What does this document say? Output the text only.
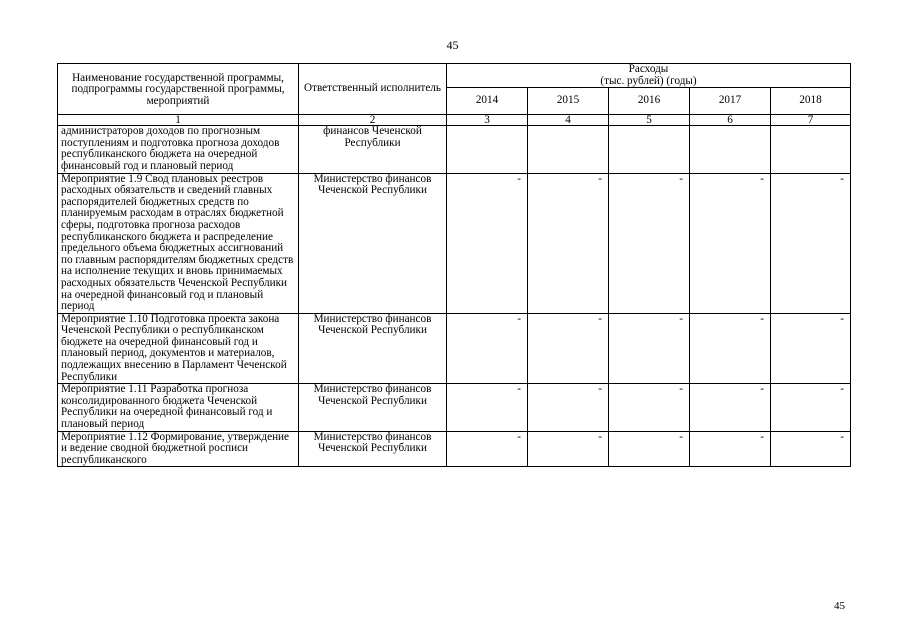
45
Наименование государственной программы, подпрограммы государственной программы, мероприятий	Ответственный исполнитель	Расходы
(тыс. рублей) (годы)				

		2014	2015	2016	2017	2018
1	2	3	4	5	6	7
администраторов доходов по прогнозным поступлениям и подготовка прогноза доходов республиканского бюджета на очередной финансовый год и плановый период	финансов Чеченской Республики					
Мероприятие 1.9 Свод плановых реестров расходных обязательств и сведений главных распорядителей бюджетных средств по планируемым расходам в отраслях бюджетной сферы, подготовка прогноза расходов республиканского бюджета и распределение предельного объема бюджетных ассигнований по главным распорядителям бюджетных средств на исполнение текущих и вновь принимаемых расходных обязательств Чеченской Республики на очередной финансовый год и плановый период	Министерство финансов Чеченской Республики	-	-	-	-	-
Мероприятие 1.10 Подготовка проекта закона Чеченской Республики о республиканском бюджете на очередной финансовый год и плановый период, документов и материалов, подлежащих внесению в Парламент Чеченской Республики	Министерство финансов Чеченской Республики	-	-	-	-	-
Мероприятие 1.11 Разработка прогноза консолидированного бюджета Чеченской Республики на очередной финансовый год и плановый период	Министерство финансов Чеченской Республики	-	-	-	-	-
Мероприятие 1.12 Формирование, утверждение и ведение сводной бюджетной росписи республиканского	Министерство финансов Чеченской Республики	-	-	-	-	-
45
